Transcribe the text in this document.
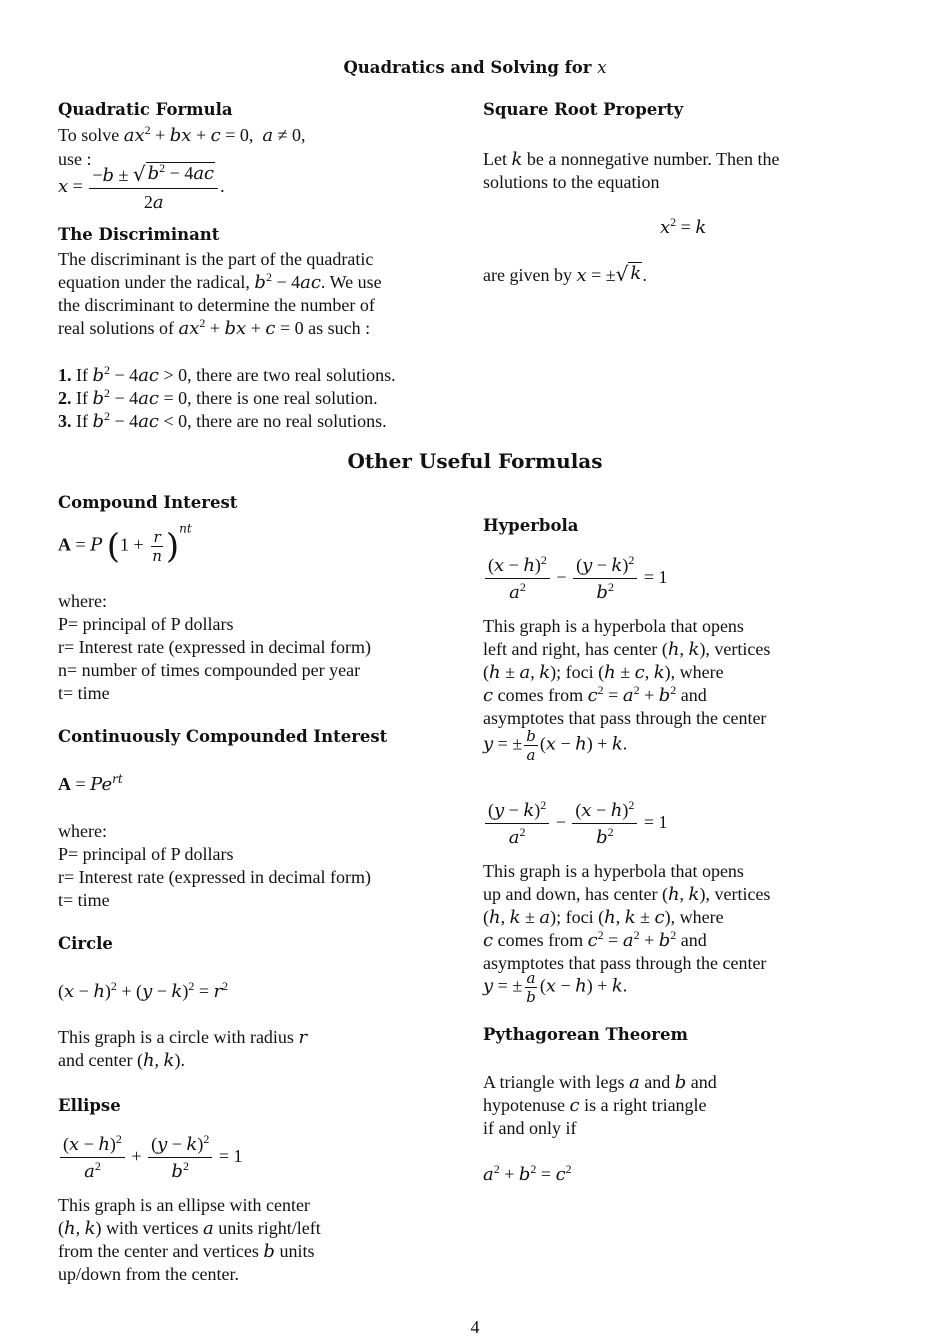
Quadratics and Solving for x
Quadratic Formula
To solve $ax^2$ + bx + c = 0,  a ≠ 0,
use :
$x = \frac{-b \pm √ b^2 - 4ac}{2a}$ .
The Discriminant
The discriminant is the part of the quadratic
equation under the radical, $b^2 - 4ac$. We use
the discriminant to determine the number of
real solutions of $ax^2$ + bx + c = 0 as such :
1. If $b^2 - 4ac > 0$, there are two real solutions.
2. If $b^2 - 4ac = 0$, there is one real solution.
3. If $b^2 - 4ac < 0$, there are no real solutions.
Square Root Property
Let k be a nonnegative number. Then the
solutions to the equation
$x^2 = k$
are given by x = ± √ k .
Other Useful Formulas
Compound Interest
A = P $(1 + \frac{r}{n} )^{nt}$
where:
P= principal of P dollars
r= Interest rate (expressed in decimal form)
n= number of times compounded per year
t= time
Continuously Compounded Interest
$A = Pe^{rt}$
where:
P= principal of P dollars
r= Interest rate (expressed in decimal form)
t= time
Circle
$(x - h)^2 + (y - k)^2 = r^2$
This graph is a circle with radius r
and center (h, k).
Ellipse
$\frac{(x - h)^2}{a^2} + \frac{(y - k)^2}{b^2} = 1$
This graph is an ellipse with center
(h, k) with vertices a units right/left
from the center and vertices b units
up/down from the center.
Hyperbola
$\frac{(x - h)^2}{a^2} - \frac{(y - k)^2}{b^2} = 1$
This graph is a hyperbola that opens
left and right, has center (h, k), vertices
(h ± a, k); foci (h ± c, k), where
c comes from $c^2 = a^2 + b^2$ and
asymptotes that pass through the center
y = ± $\frac{b}{a} (x - h) + k$.
$\frac{(y - k)^2}{a^2} - \frac{(x - h)^2}{b^2} = 1$
This graph is a hyperbola that opens
up and down, has center (h, k), vertices
(h, k ± a); foci (h, k ± c), where
c comes from $c^2 = a^2 + b^2$ and
asymptotes that pass through the center
y = ± $\frac{a}{b} (x - h) + k$.
Pythagorean Theorem
A triangle with legs a and b and
hypotenuse c is a right triangle
if and only if
$a^2 + b^2 = c^2$
4
